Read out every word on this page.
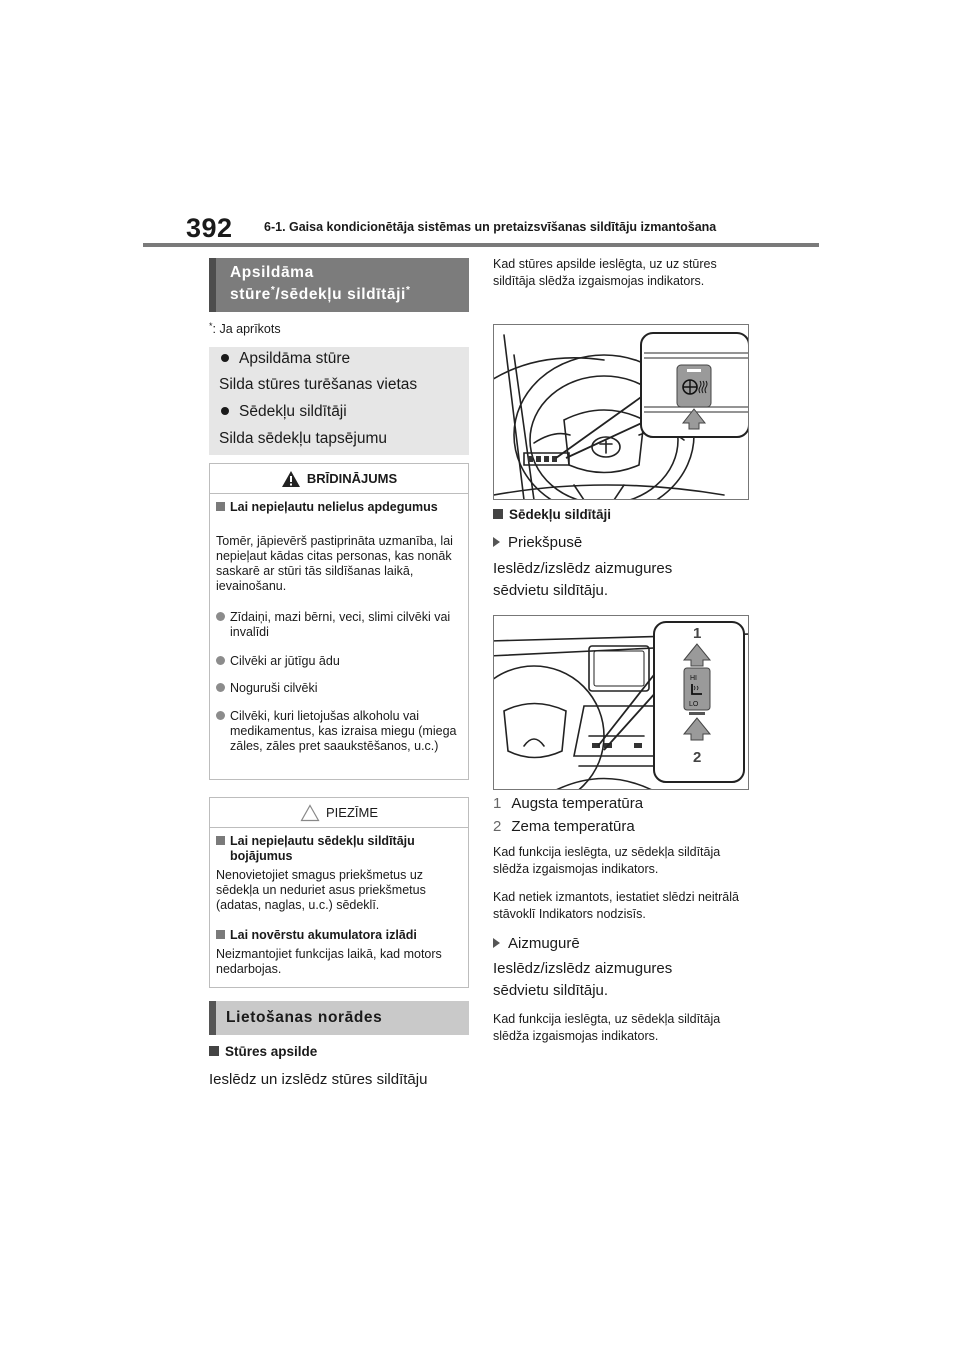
392	6-1. Gaisa kondicionētāja sistēmas un pretaizsvīšanas sildītāju izmantošana
Apsildāma
stūre*/sēdekļu sildītāji*
*: Ja aprīkots
Apsildāma stūre
Silda stūres turēšanas vietas
Sēdekļu sildītāji
Silda sēdekļu tapsējumu
BRĪDINĀJUMS
Lai nepieļautu nelielus apdegumus
Tomēr, jāpievērš pastiprināta uzmanība, lai nepieļaut kādas citas personas, kas nonāk saskarē ar stūri tās sildīšanas laikā, ievainošanu.
Zīdaiņi, mazi bērni, veci, slimi cilvēki vai invalīdi
Cilvēki ar jūtīgu ādu
Noguruši cilvēki
Cilvēki, kuri lietojušas alkoholu vai medikamentus, kas izraisa miegu (miega zāles, zāles pret saaukstēšanos, u.c.)
PIEZĪME
Lai nepieļautu sēdekļu sildītāju bojājumus
Nenovietojiet smagus priekšmetus uz sēdekļa un neduriet asus priekšmetus (adatas, naglas, u.c.) sēdeklī.
Lai novērstu akumulatora izlādi
Neizmantojiet funkcijas laikā, kad motors nedarbojas.
Lietošanas norādes
Stūres apsilde
Ieslēdz un izslēdz stūres sildītāju
Kad stūres apsilde ieslēgta, uz uz stūres sildītāja slēdža izgaismojas indikators.
Sēdekļu sildītāji
Priekšpusē
Ieslēdz/izslēdz aizmugures sēdvietu sildītāju.
1
HI
LO
2
1 Augsta temperatūra
2 Zema temperatūra
Kad funkcija ieslēgta, uz sēdekļa sildītāja slēdža izgaismojas indikators.
Kad netiek izmantots, iestatiet slēdzi neitrālā stāvoklī Indikators nodzisīs.
Aizmugurē
Ieslēdz/izslēdz aizmugures sēdvietu sildītāju.
Kad funkcija ieslēgta, uz sēdekļa sildītāja slēdža izgaismojas indikators.
